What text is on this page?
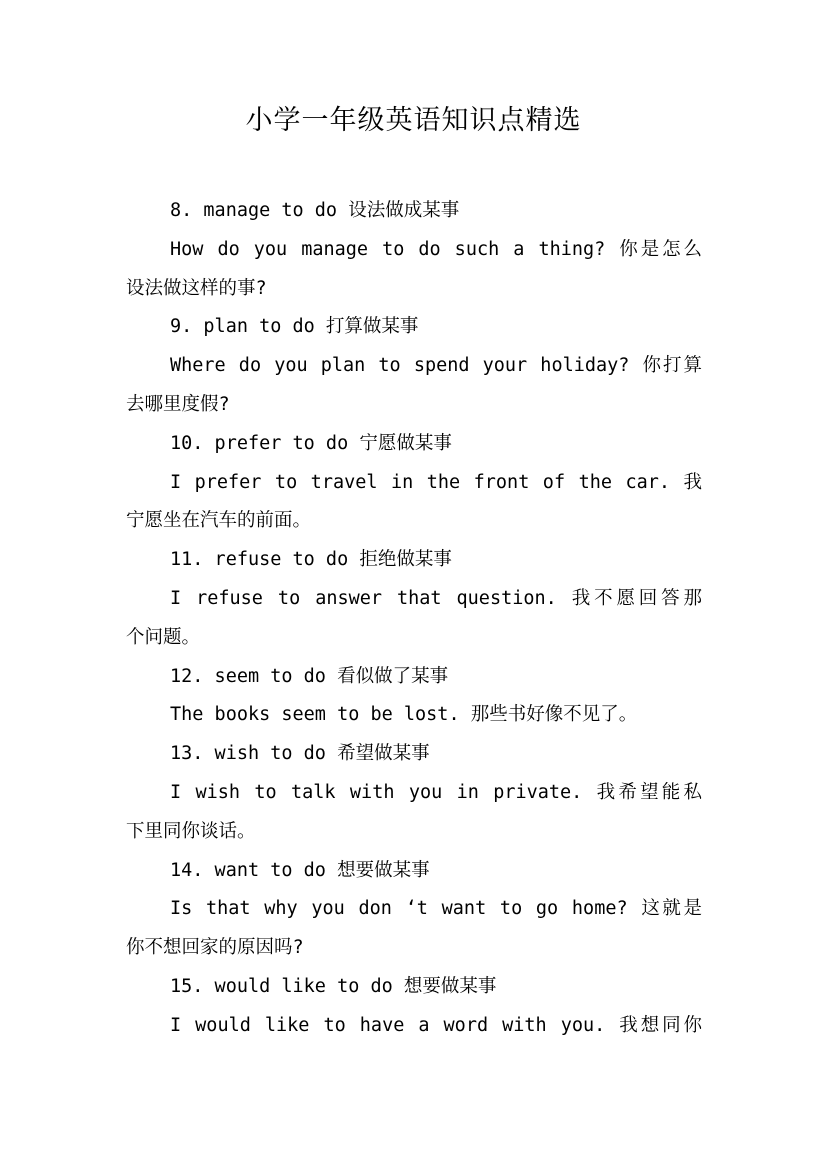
小学一年级英语知识点精选
8. manage to do 设法做成某事
How do you manage to do such a thing? 你是怎么
设法做这样的事?
9. plan to do 打算做某事
Where do you plan to spend your holiday? 你打算
去哪里度假?
10. prefer to do 宁愿做某事
I prefer to travel in the front of the car. 我
宁愿坐在汽车的前面。
11. refuse to do 拒绝做某事
I refuse to answer that question. 我不愿回答那
个问题。
12. seem to do 看似做了某事
The books seem to be lost. 那些书好像不见了。
13. wish to do 希望做某事
I wish to talk with you in private. 我希望能私
下里同你谈话。
14. want to do 想要做某事
Is that why you don ‘t want to go home? 这就是
你不想回家的原因吗?
15. would like to do 想要做某事
I would like to have a word with you. 我想同你
